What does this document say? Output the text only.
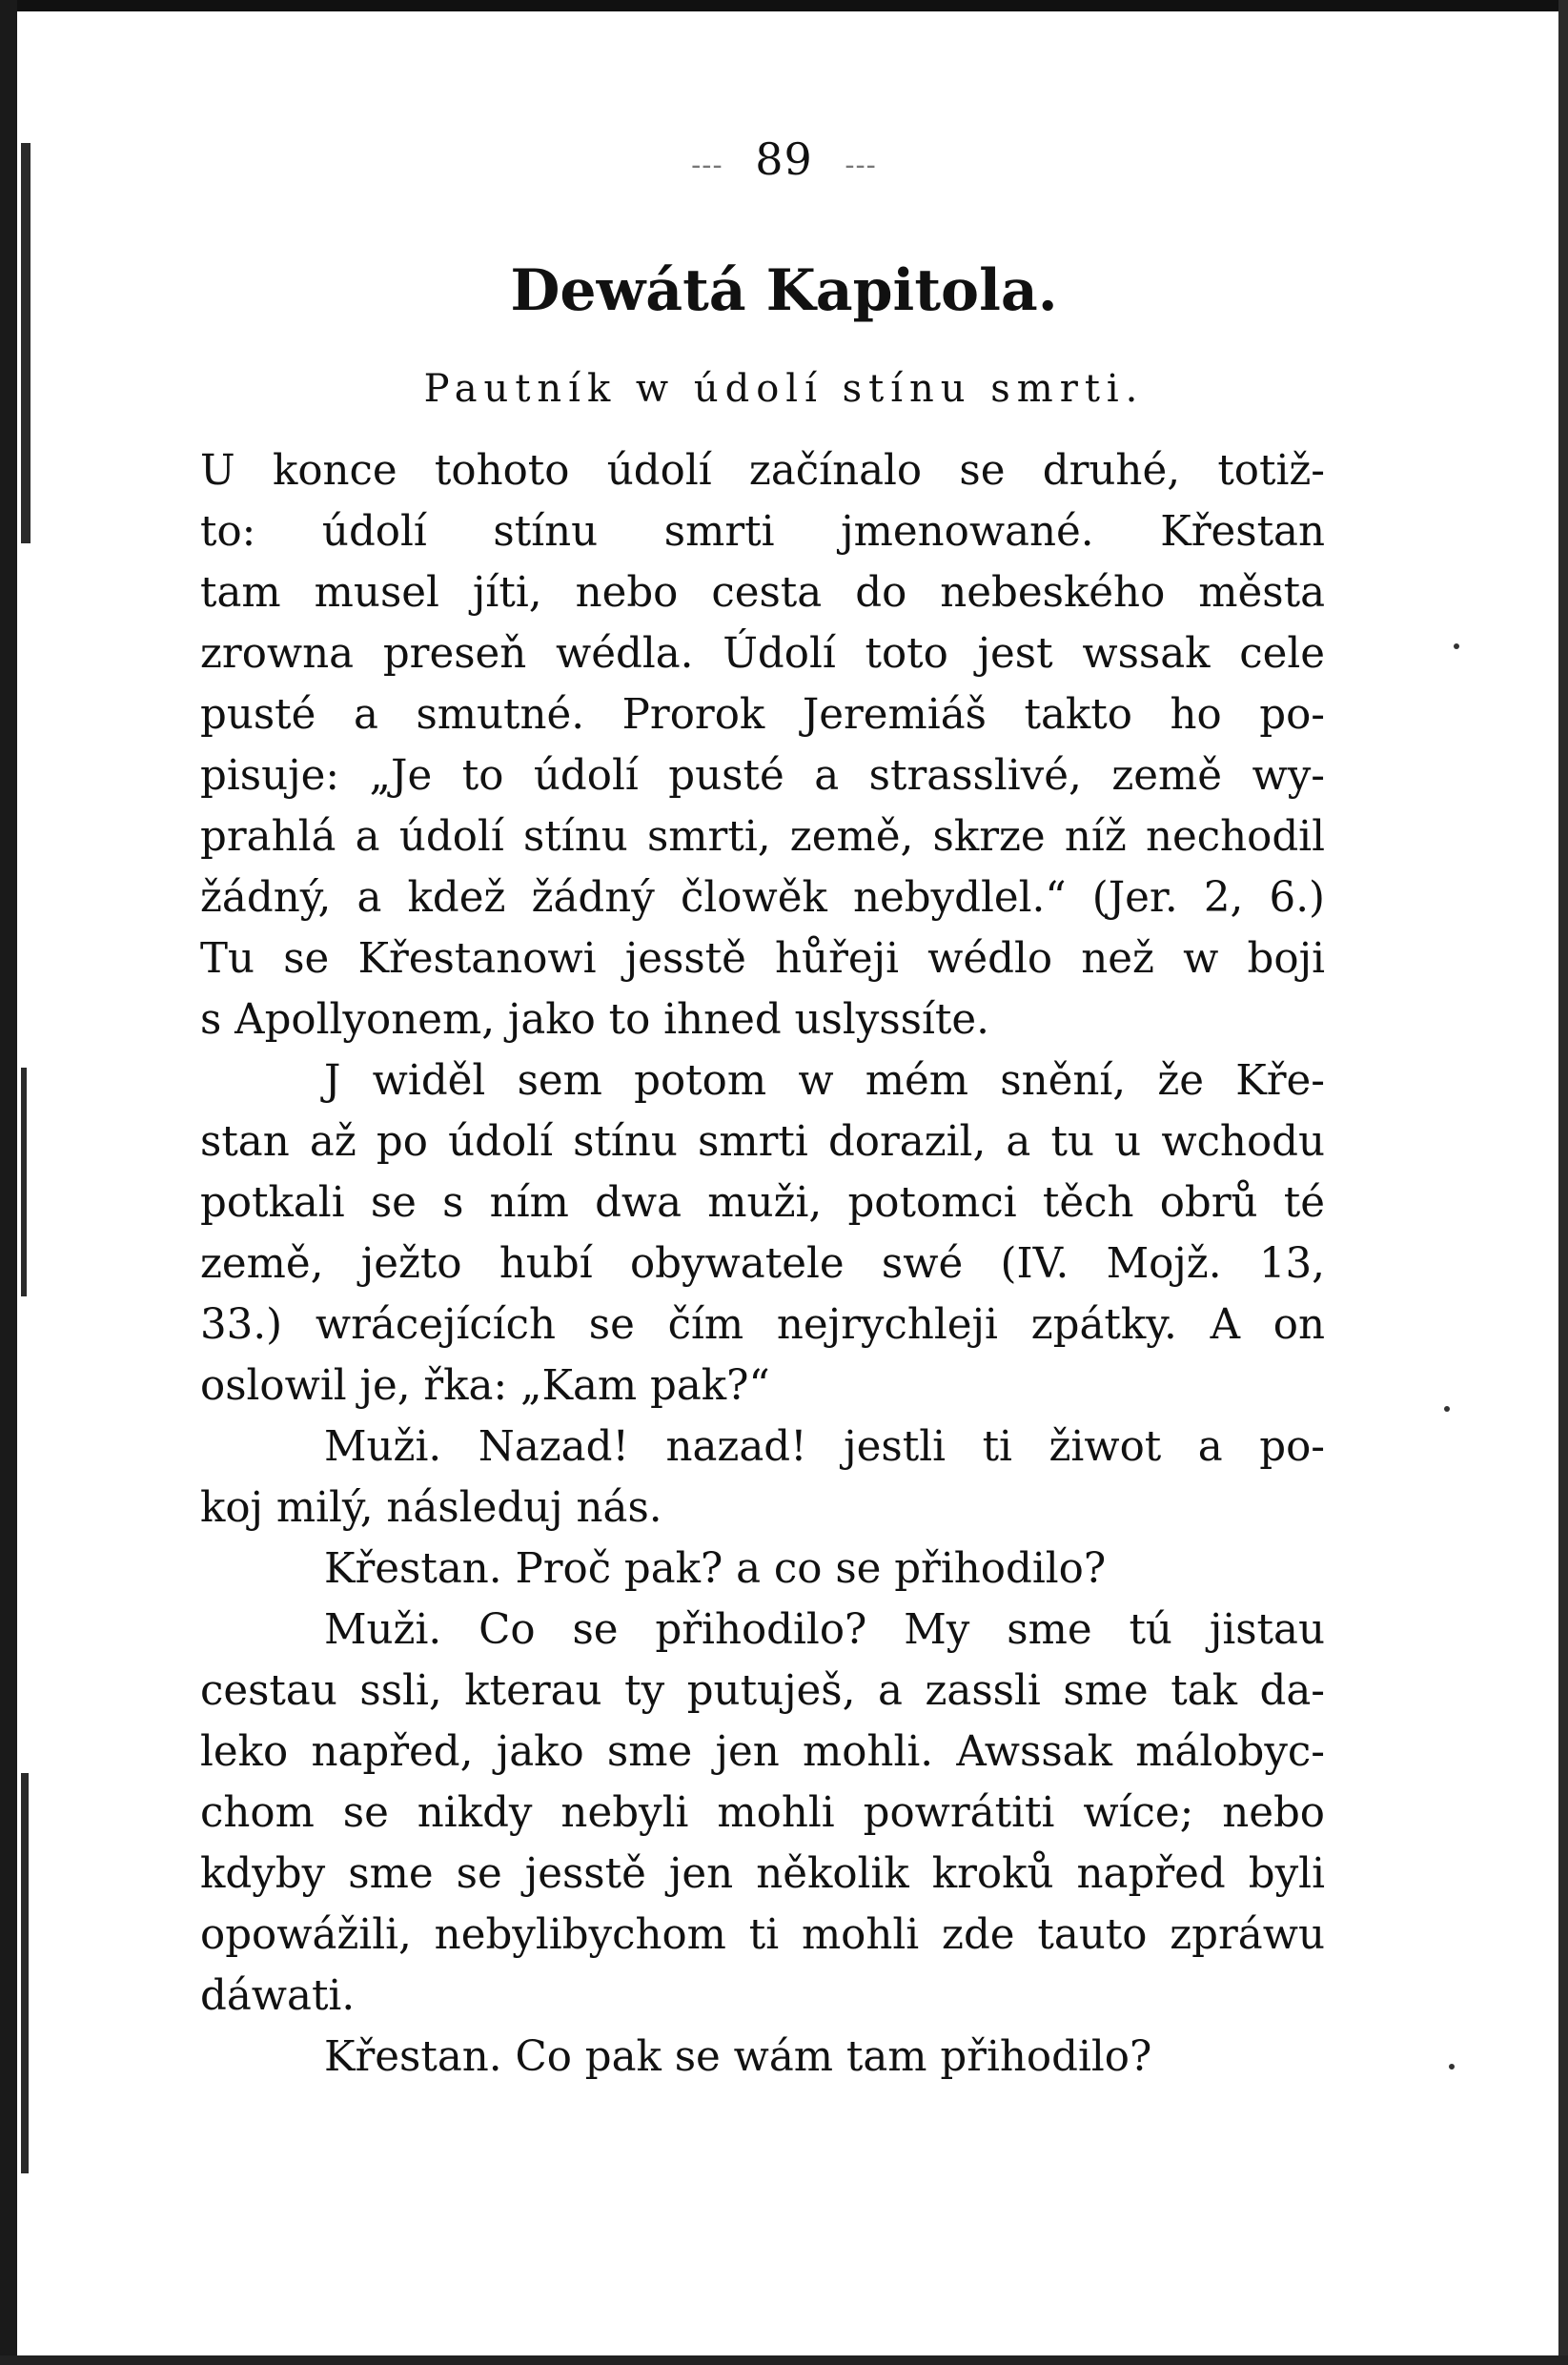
--- 89 ---
Dewátá Kapitola.
Pautník w údolí stínu smrti.
U konce tohoto údolí začínalo se druhé, totiž-
to: údolí stínu smrti jmenowané. Křestan
tam musel jíti, nebo cesta do nebeského města
zrowna preseň wédla. Údolí toto jest wssak cele
pusté a smutné. Prorok Jeremiáš takto ho po-
pisuje: „Je to údolí pusté a strasslivé, země wy-
prahlá a údolí stínu smrti, země, skrze níž nechodil
žádný, a kdež žádný člowěk nebydlel.“ (Jer. 2, 6.)
Tu se Křestanowi jesstě hůřeji wédlo než w boji
s Apollyonem, jako to ihned uslyssíte.
J widěl sem potom w mém snění, že Kře-
stan až po údolí stínu smrti dorazil, a tu u wchodu
potkali se s ním dwa muži, potomci těch obrů té
země, ježto hubí obywatele swé (IV. Mojž. 13,
33.) wrácejících se čím nejrychleji zpátky. A on
oslowil je, řka: „Kam pak?“
Muži. Nazad! nazad! jestli ti žiwot a po-
koj milý, následuj nás.
Křestan. Proč pak? a co se přihodilo?
Muži. Co se přihodilo? My sme tú jistau
cestau ssli, kterau ty putuješ, a zassli sme tak da-
leko napřed, jako sme jen mohli. Awssak málobyc-
chom se nikdy nebyli mohli powrátiti wíce; nebo
kdyby sme se jesstě jen několik kroků napřed byli
opowážili, nebylibychom ti mohli zde tauto zpráwu
dáwati.
Křestan. Co pak se wám tam přihodilo?
